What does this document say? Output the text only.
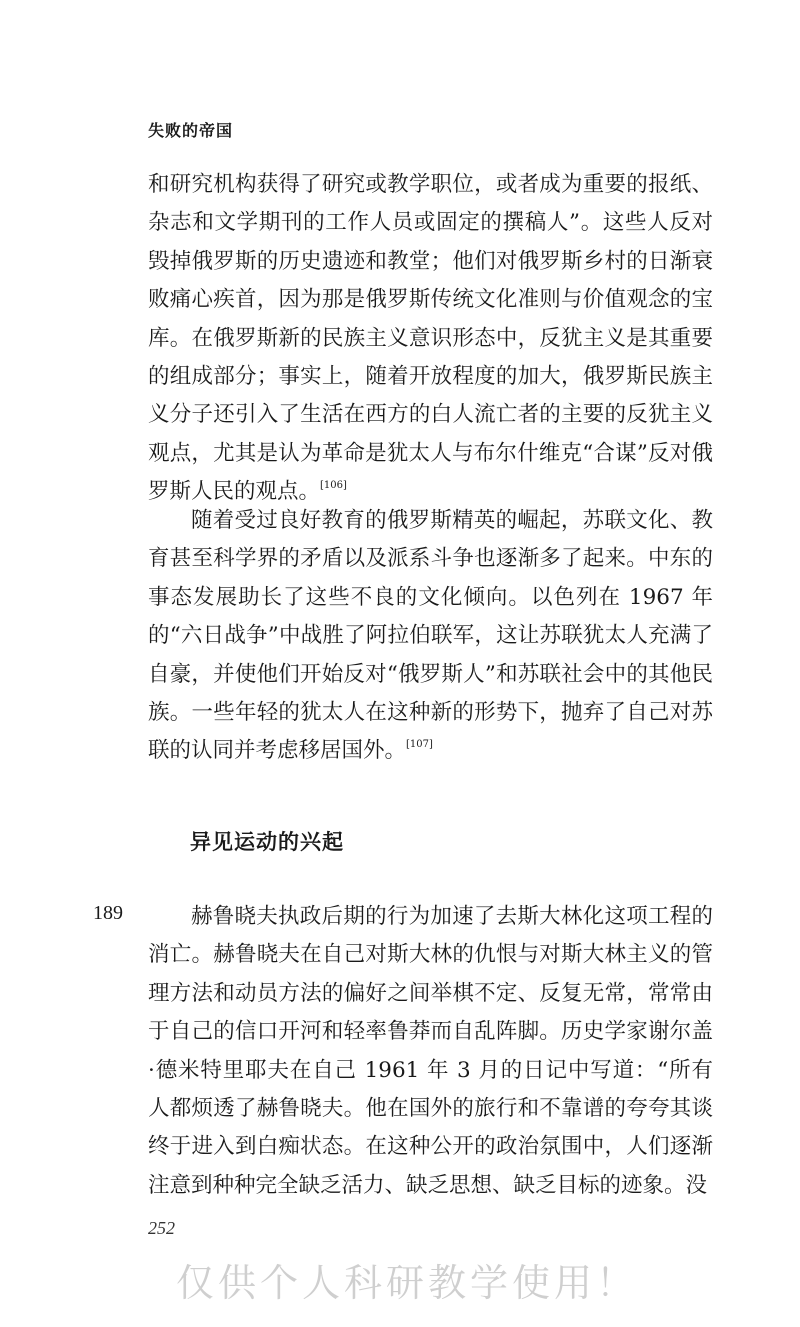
失败的帝国

和研究机构获得了研究或教学职位，或者成为重要的报纸、杂志和文学期刊的工作人员或固定的撰稿人”。这些人反对毁掉俄罗斯的历史遗迹和教堂；他们对俄罗斯乡村的日渐衰败痛心疾首，因为那是俄罗斯传统文化准则与价值观念的宝库。在俄罗斯新的民族主义意识形态中，反犹主义是其重要的组成部分；事实上，随着开放程度的加大，俄罗斯民族主义分子还引入了生活在西方的白人流亡者的主要的反犹主义观点，尤其是认为革命是犹太人与布尔什维克“合谋”反对俄罗斯人民的观点。[106]

随着受过良好教育的俄罗斯精英的崛起，苏联文化、教育甚至科学界的矛盾以及派系斗争也逐渐多了起来。中东的事态发展助长了这些不良的文化倾向。以色列在 1967 年的“六日战争”中战胜了阿拉伯联军，这让苏联犹太人充满了自豪，并使他们开始反对“俄罗斯人”和苏联社会中的其他民族。一些年轻的犹太人在这种新的形势下，抛弃了自己对苏联的认同并考虑移居国外。[107]

异见运动的兴起
189	赫鲁晓夫执政后期的行为加速了去斯大林化这项工程的消亡。赫鲁晓夫在自己对斯大林的仇恨与对斯大林主义的管理方法和动员方法的偏好之间举棋不定、反复无常，常常由于自己的信口开河和轻率鲁莽而自乱阵脚。历史学家谢尔盖·德米特里耶夫在自己 1961 年 3 月的日记中写道：“所有人都烦透了赫鲁晓夫。他在国外的旅行和不靠谱的夸夸其谈终于进入到白痴状态。在这种公开的政治氛围中，人们逐渐注意到种种完全缺乏活力、缺乏思想、缺乏目标的迹象。没

252
仅供个人科研教学使用！
